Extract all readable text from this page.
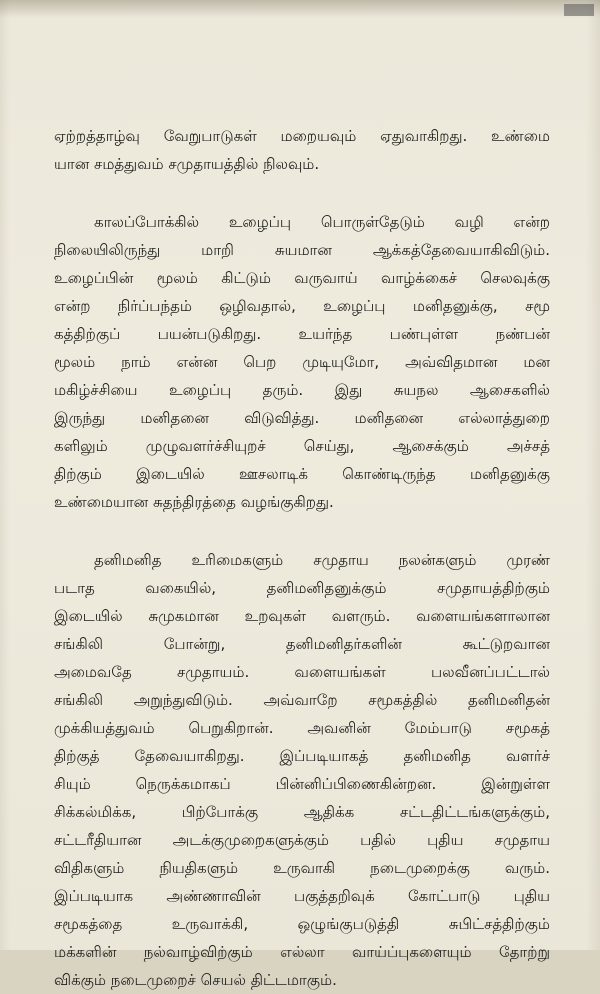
ஏற்றத்தாழ்வு வேறுபாடுகள் மறையவும் ஏதுவாகிறது. உண்மை
யான சமத்துவம் சமுதாயத்தில் நிலவும்.
காலப்போக்கில் உழைப்பு பொருள்தேடும் வழி என்ற
நிலையிலிருந்து மாறி சுயமான ஆக்கத்தேவையாகிவிடும்.
உழைப்பின் மூலம் கிட்டும் வருவாய் வாழ்க்கைச் செலவுக்கு
என்ற நிர்ப்பந்தம் ஒழிவதால், உழைப்பு மனிதனுக்கு, சமூ
கத்திற்குப் பயன்படுகிறது. உயர்ந்த பண்புள்ள நண்பன்
மூலம் நாம் என்ன பெற முடியுமோ, அவ்விதமான மன
மகிழ்ச்சியை உழைப்பு தரும். இது சுயநல ஆசைகளில்
இருந்து மனிதனை விடுவித்து. மனிதனை எல்லாத்துறை
களிலும் முழுவளர்ச்சியுறச் செய்து, ஆசைக்கும் அச்சத்
திற்கும் இடையில் ஊசலாடிக் கொண்டிருந்த மனிதனுக்கு
உண்மையான சுதந்திரத்தை வழங்குகிறது.
தனிமனித உரிமைகளும் சமுதாய நலன்களும் முரண்
படாத வகையில், தனிமனிதனுக்கும் சமுதாயத்திற்கும்
இடையில் சுமுகமான உறவுகள் வளரும். வளையங்களாலான
சங்கிலி போன்று, தனிமனிதர்களின் கூட்டுறவான
அமைவதே சமுதாயம். வளையங்கள் பலவீனப்பட்டால்
சங்கிலி அறுந்துவிடும். அவ்வாறே சமூகத்தில் தனிமனிதன்
முக்கியத்துவம் பெறுகிறான். அவனின் மேம்பாடு சமூகத்
திற்குத் தேவையாகிறது. இப்படியாகத் தனிமனித வளர்ச்
சியும் நெருக்கமாகப் பின்னிப்பிணைகின்றன. இன்றுள்ள
சிக்கல்மிக்க, பிற்போக்கு ஆதிக்க சட்டதிட்டங்களுக்கும்,
சட்டரீதியான அடக்குமுறைகளுக்கும் பதில் புதிய சமுதாய
விதிகளும் நியதிகளும் உருவாகி நடைமுறைக்கு வரும்.
இப்படியாக அண்ணாவின் பகுத்தறிவுக் கோட்பாடு புதிய
சமூகத்தை உருவாக்கி, ஒழுங்குபடுத்தி சுபிட்சத்திற்கும்
மக்களின் நல்வாழ்விற்கும் எல்லா வாய்ப்புகளையும் தோற்று
விக்கும் நடைமுறைச் செயல் திட்டமாகும்.
